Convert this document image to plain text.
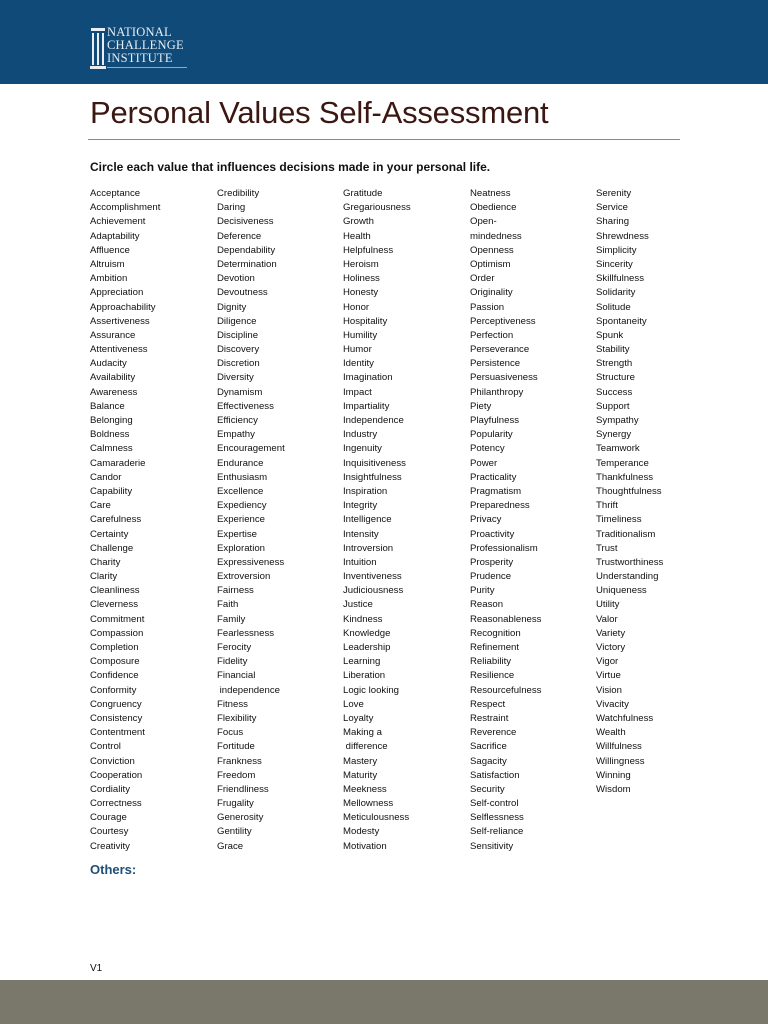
NATIONAL
CHALLENGE
INSTITUTE
Personal Values Self-Assessment

Circle each value that influences decisions made in your personal life.

Acceptance
Accomplishment
Achievement
Adaptability
Affluence
Altruism
Ambition
Appreciation
Approachability
Assertiveness
Assurance
Attentiveness
Audacity
Availability
Awareness
Balance
Belonging
Boldness
Calmness
Camaraderie
Candor
Capability
Care
Carefulness
Certainty
Challenge
Charity
Clarity
Cleanliness
Cleverness
Commitment
Compassion
Completion
Composure
Confidence
Conformity
Congruency
Consistency
Contentment
Control
Conviction
Cooperation
Cordiality
Correctness
Courage
Courtesy
Creativity
Credibility
Daring
Decisiveness
Deference
Dependability
Determination
Devotion
Devoutness
Dignity
Diligence
Discipline
Discovery
Discretion
Diversity
Dynamism
Effectiveness
Efficiency
Empathy
Encouragement
Endurance
Enthusiasm
Excellence
Expediency
Experience
Expertise
Exploration
Expressiveness
Extroversion
Fairness
Faith
Family
Fearlessness
Ferocity
Fidelity
Financial
independence
Fitness
Flexibility
Focus
Fortitude
Frankness
Freedom
Friendliness
Frugality
Generosity
Gentility
Grace
Gratitude
Gregariousness
Growth
Health
Helpfulness
Heroism
Holiness
Honesty
Honor
Hospitality
Humility
Humor
Identity
Imagination
Impact
Impartiality
Independence
Industry
Ingenuity
Inquisitiveness
Insightfulness
Inspiration
Integrity
Intelligence
Intensity
Introversion
Intuition
Inventiveness
Judiciousness
Justice
Kindness
Knowledge
Leadership
Learning
Liberation
Logic looking
Love
Loyalty
Making a
difference
Mastery
Maturity
Meekness
Mellowness
Meticulousness
Modesty
Motivation
Neatness
Obedience
Open-
mindedness
Openness
Optimism
Order
Originality
Passion
Perceptiveness
Perfection
Perseverance
Persistence
Persuasiveness
Philanthropy
Piety
Playfulness
Popularity
Potency
Power
Practicality
Pragmatism
Preparedness
Privacy
Proactivity
Professionalism
Prosperity
Prudence
Purity
Reason
Reasonableness
Recognition
Refinement
Reliability
Resilience
Resourcefulness
Respect
Restraint
Reverence
Sacrifice
Sagacity
Satisfaction
Security
Self-control
Selflessness
Self-reliance
Sensitivity
Serenity
Service
Sharing
Shrewdness
Simplicity
Sincerity
Skillfulness
Solidarity
Solitude
Spontaneity
Spunk
Stability
Strength
Structure
Success
Support
Sympathy
Synergy
Teamwork
Temperance
Thankfulness
Thoughtfulness
Thrift
Timeliness
Traditionalism
Trust
Trustworthiness
Understanding
Uniqueness
Utility
Valor
Variety
Victory
Vigor
Virtue
Vision
Vivacity
Watchfulness
Wealth
Willfulness
Willingness
Winning
Wisdom

Others:

V1
